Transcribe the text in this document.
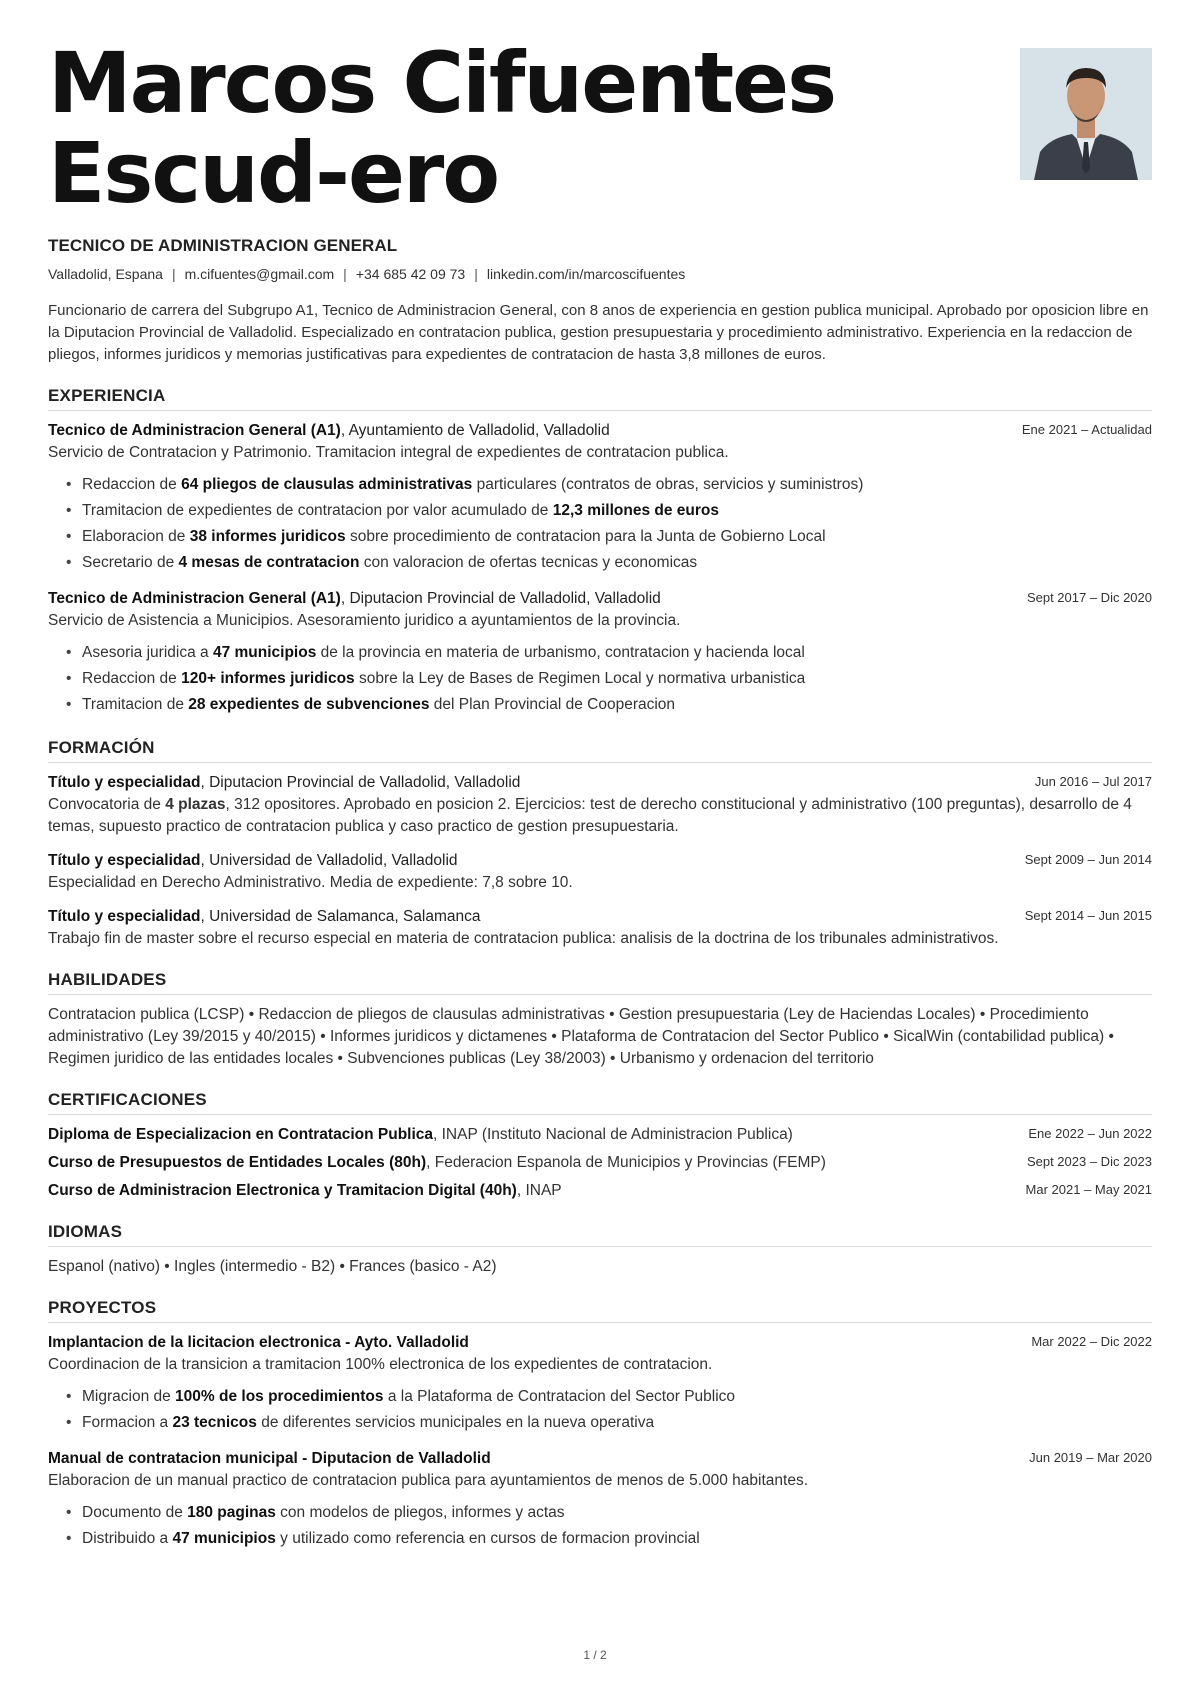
Marcos Cifuentes Escud-ero
TECNICO DE ADMINISTRACION GENERAL
Valladolid, Espana | m.cifuentes@gmail.com | +34 685 42 09 73 | linkedin.com/in/marcoscifuentes
Funcionario de carrera del Subgrupo A1, Tecnico de Administracion General, con 8 anos de experiencia en gestion publica municipal. Aprobado por oposicion libre en la Diputacion Provincial de Valladolid. Especializado en contratacion publica, gestion presupuestaria y procedimiento administrativo. Experiencia en la redaccion de pliegos, informes juridicos y memorias justificativas para expedientes de contratacion de hasta 3,8 millones de euros.
EXPERIENCIA
Tecnico de Administracion General (A1), Ayuntamiento de Valladolid, Valladolid	Ene 2021 – Actualidad
Servicio de Contratacion y Patrimonio. Tramitacion integral de expedientes de contratacion publica.
• Redaccion de 64 pliegos de clausulas administrativas particulares (contratos de obras, servicios y suministros)
• Tramitacion de expedientes de contratacion por valor acumulado de 12,3 millones de euros
• Elaboracion de 38 informes juridicos sobre procedimiento de contratacion para la Junta de Gobierno Local
• Secretario de 4 mesas de contratacion con valoracion de ofertas tecnicas y economicas
Tecnico de Administracion General (A1), Diputacion Provincial de Valladolid, Valladolid	Sept 2017 – Dic 2020
Servicio de Asistencia a Municipios. Asesoramiento juridico a ayuntamientos de la provincia.
• Asesoria juridica a 47 municipios de la provincia en materia de urbanismo, contratacion y hacienda local
• Redaccion de 120+ informes juridicos sobre la Ley de Bases de Regimen Local y normativa urbanistica
• Tramitacion de 28 expedientes de subvenciones del Plan Provincial de Cooperacion
FORMACIÓN
Título y especialidad, Diputacion Provincial de Valladolid, Valladolid	Jun 2016 – Jul 2017
Convocatoria de 4 plazas, 312 opositores. Aprobado en posicion 2. Ejercicios: test de derecho constitucional y administrativo (100 preguntas), desarrollo de 4 temas, supuesto practico de contratacion publica y caso practico de gestion presupuestaria.
Título y especialidad, Universidad de Valladolid, Valladolid	Sept 2009 – Jun 2014
Especialidad en Derecho Administrativo. Media de expediente: 7,8 sobre 10.
Título y especialidad, Universidad de Salamanca, Salamanca	Sept 2014 – Jun 2015
Trabajo fin de master sobre el recurso especial en materia de contratacion publica: analisis de la doctrina de los tribunales administrativos.
HABILIDADES
Contratacion publica (LCSP) • Redaccion de pliegos de clausulas administrativas • Gestion presupuestaria (Ley de Haciendas Locales) • Procedimiento administrativo (Ley 39/2015 y 40/2015) • Informes juridicos y dictamenes • Plataforma de Contratacion del Sector Publico • SicalWin (contabilidad publica) • Regimen juridico de las entidades locales • Subvenciones publicas (Ley 38/2003) • Urbanismo y ordenacion del territorio
CERTIFICACIONES
Diploma de Especializacion en Contratacion Publica, INAP (Instituto Nacional de Administracion Publica)	Ene 2022 – Jun 2022
Curso de Presupuestos de Entidades Locales (80h), Federacion Espanola de Municipios y Provincias (FEMP)	Sept 2023 – Dic 2023
Curso de Administracion Electronica y Tramitacion Digital (40h), INAP	Mar 2021 – May 2021
IDIOMAS
Espanol (nativo) • Ingles (intermedio - B2) • Frances (basico - A2)
PROYECTOS
Implantacion de la licitacion electronica - Ayto. Valladolid	Mar 2022 – Dic 2022
Coordinacion de la transicion a tramitacion 100% electronica de los expedientes de contratacion.
• Migracion de 100% de los procedimientos a la Plataforma de Contratacion del Sector Publico
• Formacion a 23 tecnicos de diferentes servicios municipales en la nueva operativa
Manual de contratacion municipal - Diputacion de Valladolid	Jun 2019 – Mar 2020
Elaboracion de un manual practico de contratacion publica para ayuntamientos de menos de 5.000 habitantes.
• Documento de 180 paginas con modelos de pliegos, informes y actas
• Distribuido a 47 municipios y utilizado como referencia en cursos de formacion provincial
1 / 2
